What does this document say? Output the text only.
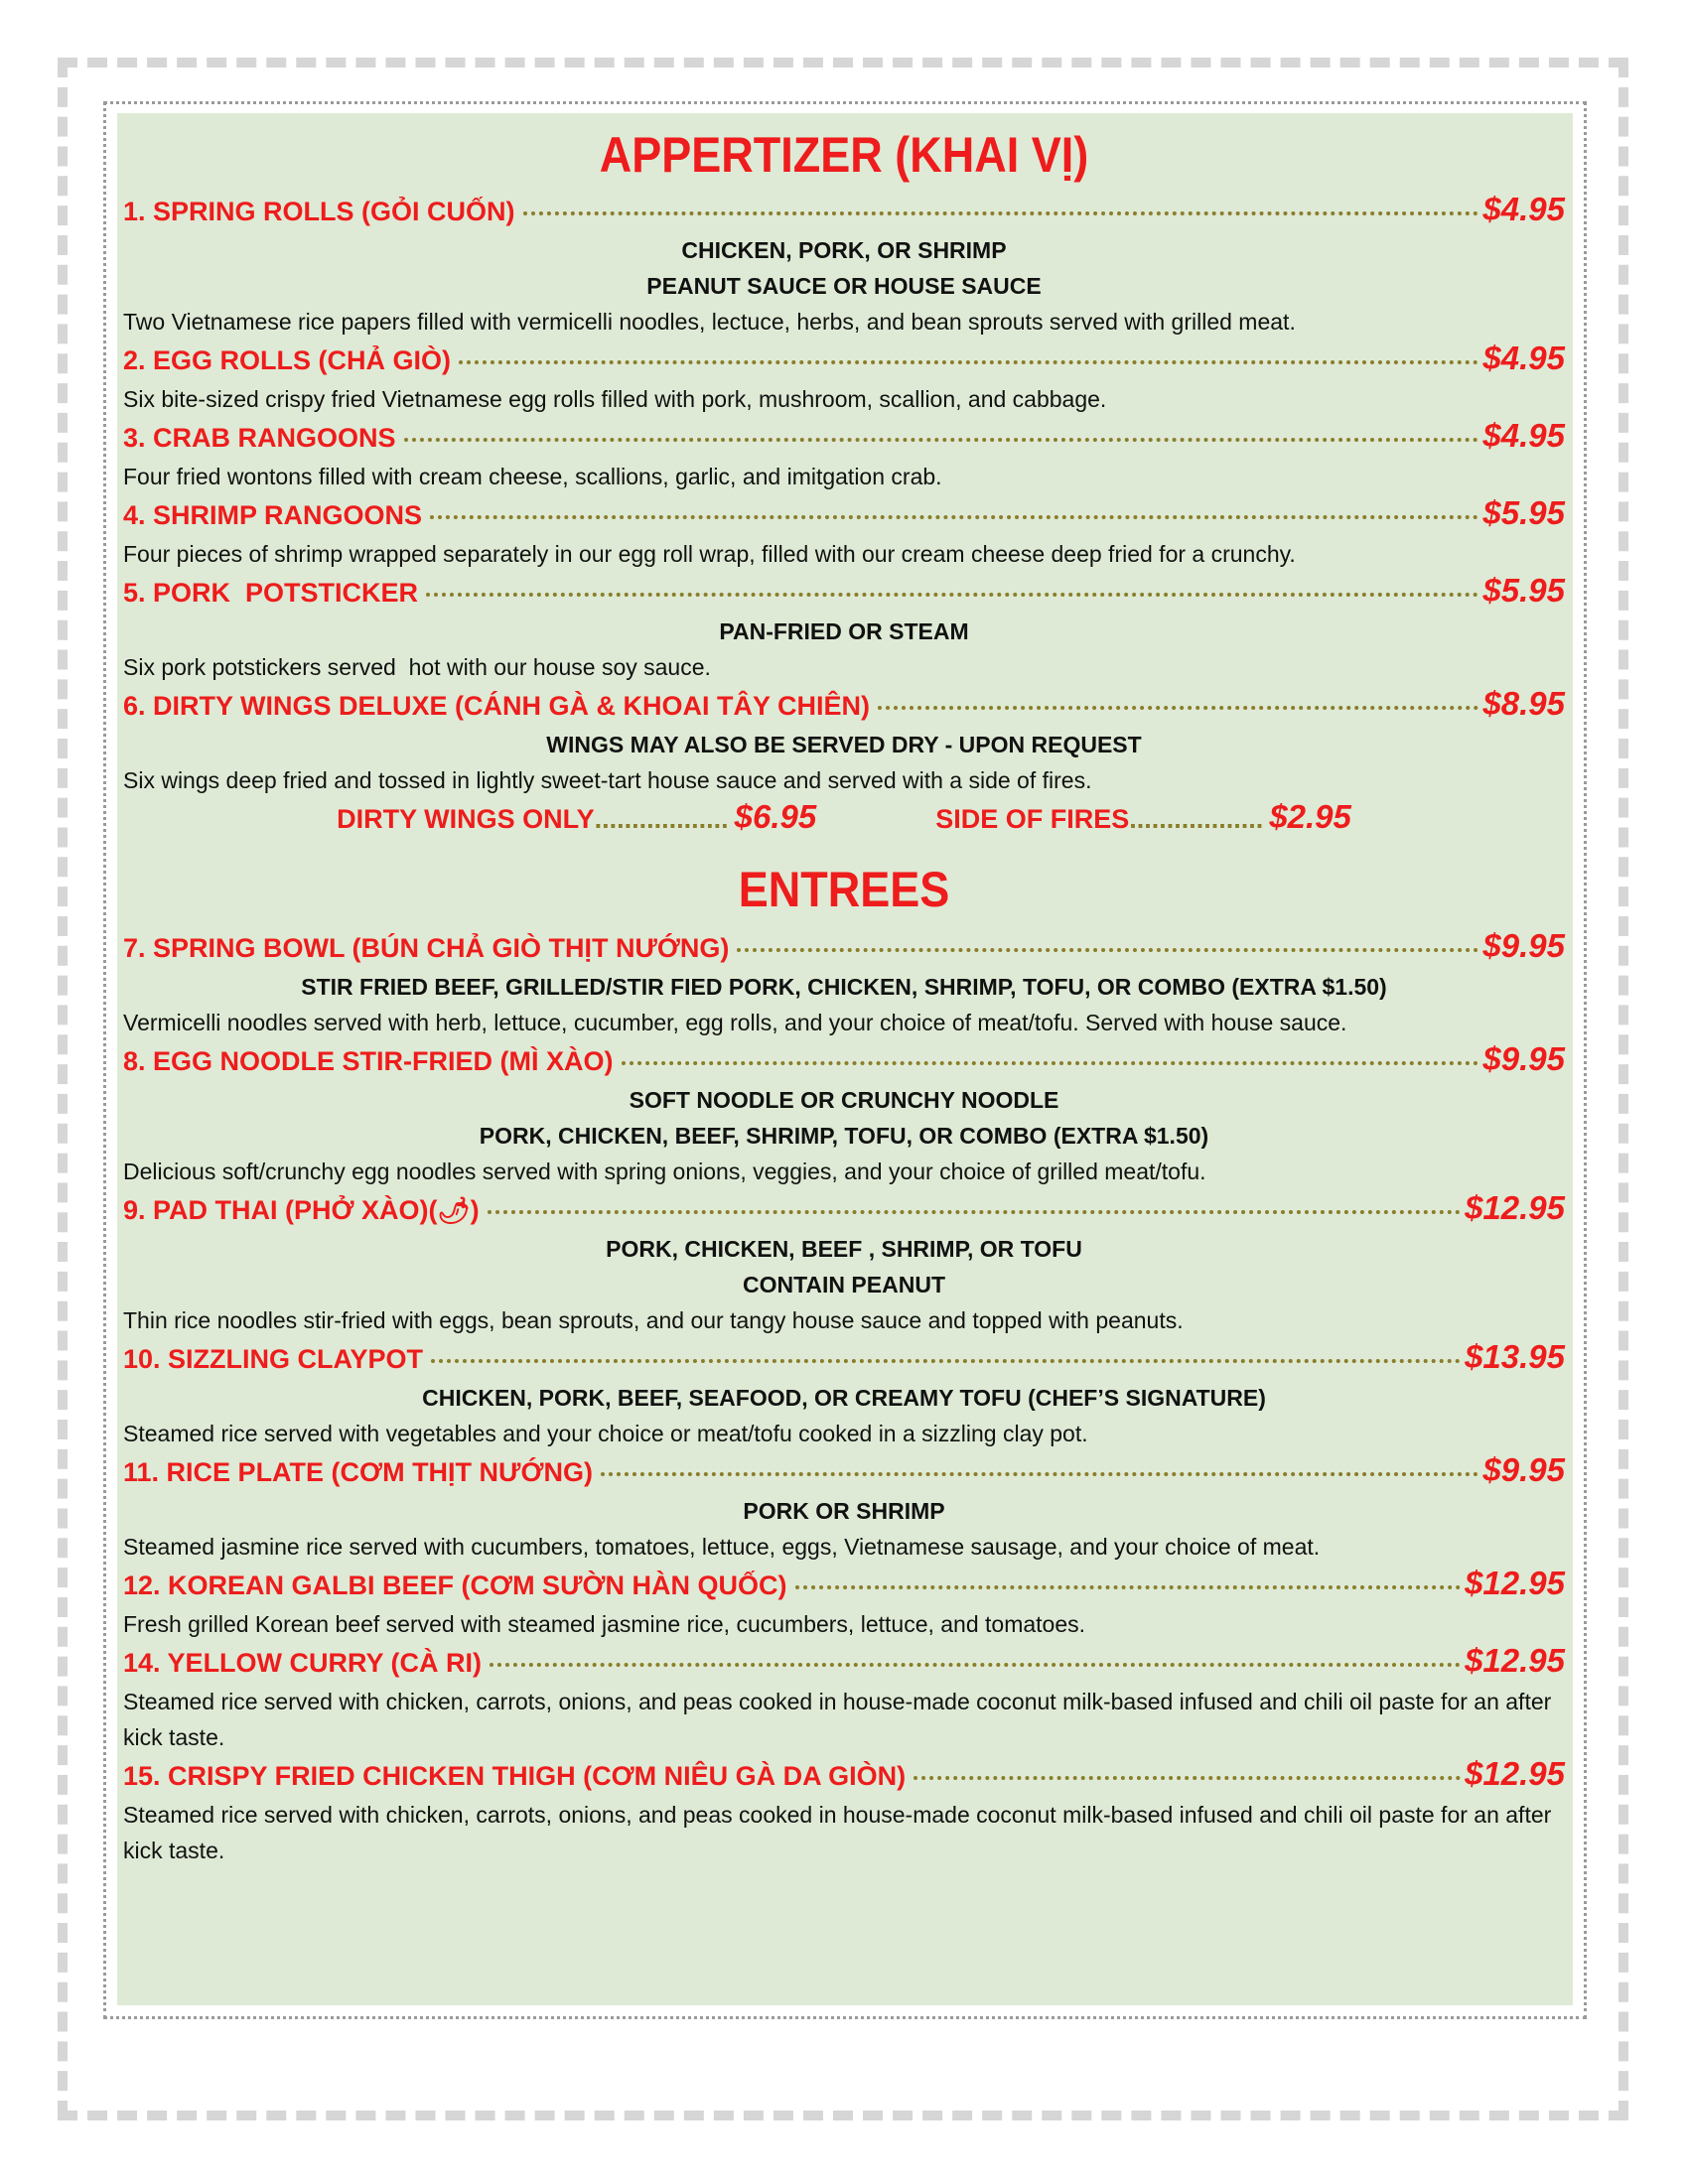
APPERTIZER (KHAI VỊ)
1. SPRING ROLLS (GỎI CUỐN)	$4.95
CHICKEN, PORK, OR SHRIMP
PEANUT SAUCE OR HOUSE SAUCE
Two Vietnamese rice papers filled with vermicelli noodles, lectuce, herbs, and bean sprouts served with grilled meat.
2. EGG ROLLS (CHẢ GIÒ)	$4.95
Six bite-sized crispy fried Vietnamese egg rolls filled with pork, mushroom, scallion, and cabbage.
3. CRAB RANGOONS	$4.95
Four fried wontons filled with cream cheese, scallions, garlic, and imitgation crab.
4. SHRIMP RANGOONS	$5.95
Four pieces of shrimp wrapped separately in our egg roll wrap, filled with our cream cheese deep fried for a crunchy.
5. PORK  POTSTICKER	$5.95
PAN-FRIED OR STEAM
Six pork potstickers served  hot with our house soy sauce.
6. DIRTY WINGS DELUXE (CÁNH GÀ & KHOAI TÂY CHIÊN)	$8.95
WINGS MAY ALSO BE SERVED DRY - UPON REQUEST
Six wings deep fried and tossed in lightly sweet-tart house sauce and served with a side of fires.
DIRTY WINGS ONLY .................. $6.95	SIDE OF FIRES .................. $2.95
ENTREES
7. SPRING BOWL (BÚN CHẢ GIÒ THỊT NƯỚNG)	$9.95
STIR FRIED BEEF, GRILLED/STIR FIED PORK, CHICKEN, SHRIMP, TOFU, OR COMBO (EXTRA $1.50)
Vermicelli noodles served with herb, lettuce, cucumber, egg rolls, and your choice of meat/tofu. Served with house sauce.
8. EGG NOODLE STIR-FRIED (MÌ XÀO)	$9.95
SOFT NOODLE OR CRUNCHY NOODLE
PORK, CHICKEN, BEEF, SHRIMP, TOFU, OR COMBO (EXTRA $1.50)
Delicious soft/crunchy egg noodles served with spring onions, veggies, and your choice of grilled meat/tofu.
9. PAD THAI (PHỞ XÀO)(🌶)	$12.95
PORK, CHICKEN, BEEF , SHRIMP, OR TOFU
CONTAIN PEANUT
Thin rice noodles stir-fried with eggs, bean sprouts, and our tangy house sauce and topped with peanuts.
10. SIZZLING CLAYPOT	$13.95
CHICKEN, PORK, BEEF, SEAFOOD, OR CREAMY TOFU (CHEF’S SIGNATURE)
Steamed rice served with vegetables and your choice or meat/tofu cooked in a sizzling clay pot.
11. RICE PLATE (CƠM THỊT NƯỚNG)	$9.95
PORK OR SHRIMP
Steamed jasmine rice served with cucumbers, tomatoes, lettuce, eggs, Vietnamese sausage, and your choice of meat.
12. KOREAN GALBI BEEF (CƠM SƯỜN HÀN QUỐC)	$12.95
Fresh grilled Korean beef served with steamed jasmine rice, cucumbers, lettuce, and tomatoes.
14. YELLOW CURRY (CÀ RI)	$12.95
Steamed rice served with chicken, carrots, onions, and peas cooked in house-made coconut milk-based infused and chili oil paste for an after kick taste.
15. CRISPY FRIED CHICKEN THIGH (CƠM NIÊU GÀ DA GIÒN)	$12.95
Steamed rice served with chicken, carrots, onions, and peas cooked in house-made coconut milk-based infused and chili oil paste for an after kick taste.
